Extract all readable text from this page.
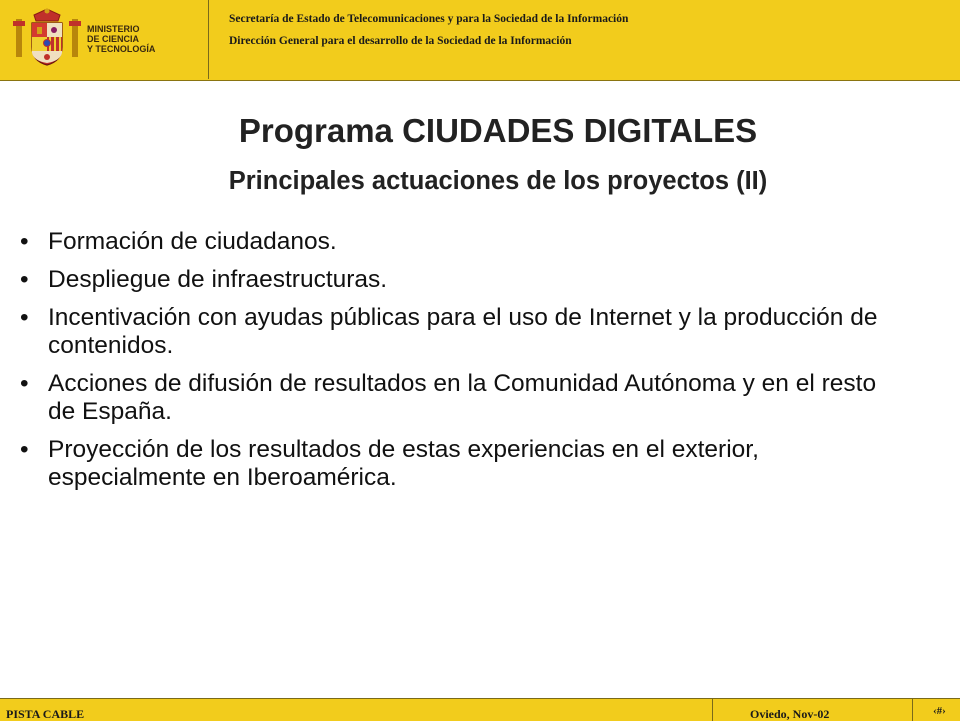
MINISTERIO
DE CIENCIA
Y TECNOLOGÍA
Secretaría de Estado de Telecomunicaciones y para la Sociedad de la Información
Dirección General para el desarrollo de la Sociedad de la Información
Programa CIUDADES DIGITALES
Principales actuaciones de los proyectos (II)
• Formación de ciudadanos.
• Despliegue de infraestructuras.
• Incentivación con ayudas públicas para el uso de Internet y la producción de contenidos.
• Acciones de difusión de resultados en la Comunidad Autónoma y en el resto de España.
• Proyección de los resultados de estas experiencias en el exterior, especialmente en Iberoamérica.
PISTA CABLE	Oviedo, Nov-02	‹#›
